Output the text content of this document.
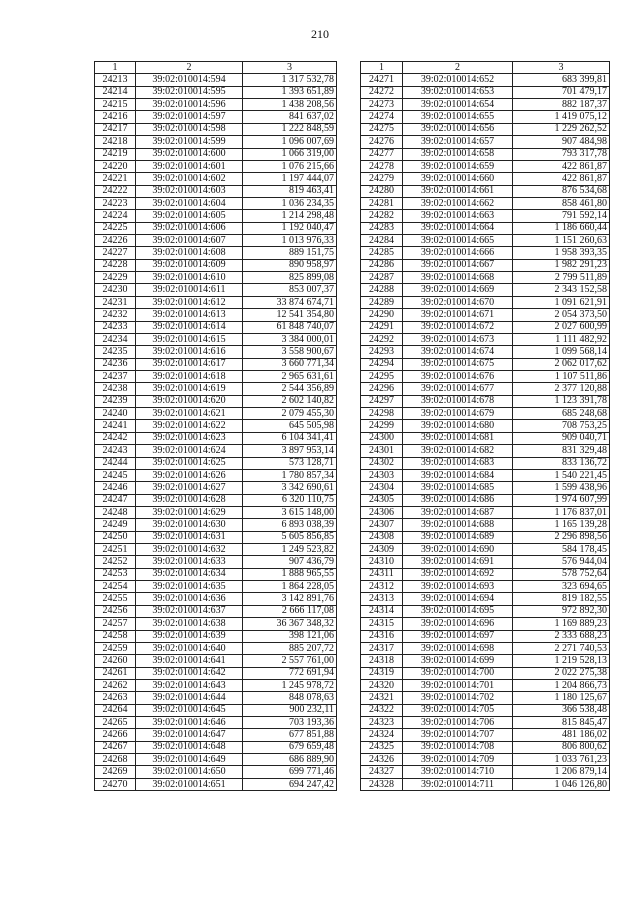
210
1	2	3
24213	39:02:010014:594	1 317 532,78
24214	39:02:010014:595	1 393 651,89
24215	39:02:010014:596	1 438 208,56
24216	39:02:010014:597	841 637,02
24217	39:02:010014:598	1 222 848,59
24218	39:02:010014:599	1 096 007,69
24219	39:02:010014:600	1 066 319,00
24220	39:02:010014:601	1 076 215,66
24221	39:02:010014:602	1 197 444,07
24222	39:02:010014:603	819 463,41
24223	39:02:010014:604	1 036 234,35
24224	39:02:010014:605	1 214 298,48
24225	39:02:010014:606	1 192 040,47
24226	39:02:010014:607	1 013 976,33
24227	39:02:010014:608	889 151,75
24228	39:02:010014:609	890 958,97
24229	39:02:010014:610	825 899,08
24230	39:02:010014:611	853 007,37
24231	39:02:010014:612	33 874 674,71
24232	39:02:010014:613	12 541 354,80
24233	39:02:010014:614	61 848 740,07
24234	39:02:010014:615	3 384 000,01
24235	39:02:010014:616	3 558 900,67
24236	39:02:010014:617	3 660 771,34
24237	39:02:010014:618	2 965 631,61
24238	39:02:010014:619	2 544 356,89
24239	39:02:010014:620	2 602 140,82
24240	39:02:010014:621	2 079 455,30
24241	39:02:010014:622	645 505,98
24242	39:02:010014:623	6 104 341,41
24243	39:02:010014:624	3 897 953,14
24244	39:02:010014:625	573 128,71
24245	39:02:010014:626	1 780 857,34
24246	39:02:010014:627	3 342 690,61
24247	39:02:010014:628	6 320 110,75
24248	39:02:010014:629	3 615 148,00
24249	39:02:010014:630	6 893 038,39
24250	39:02:010014:631	5 605 856,85
24251	39:02:010014:632	1 249 523,82
24252	39:02:010014:633	907 436,79
24253	39:02:010014:634	1 888 965,55
24254	39:02:010014:635	1 864 228,05
24255	39:02:010014:636	3 142 891,76
24256	39:02:010014:637	2 666 117,08
24257	39:02:010014:638	36 367 348,32
24258	39:02:010014:639	398 121,06
24259	39:02:010014:640	885 207,72
24260	39:02:010014:641	2 557 761,00
24261	39:02:010014:642	772 691,94
24262	39:02:010014:643	1 245 978,72
24263	39:02:010014:644	848 078,63
24264	39:02:010014:645	900 232,11
24265	39:02:010014:646	703 193,36
24266	39:02:010014:647	677 851,88
24267	39:02:010014:648	679 659,48
24268	39:02:010014:649	686 889,90
24269	39:02:010014:650	699 771,46
24270	39:02:010014:651	694 247,42
1	2	3
24271	39:02:010014:652	683 399,81
24272	39:02:010014:653	701 479,17
24273	39:02:010014:654	882 187,37
24274	39:02:010014:655	1 419 075,12
24275	39:02:010014:656	1 229 262,52
24276	39:02:010014:657	907 484,98
24277	39:02:010014:658	793 317,78
24278	39:02:010014:659	422 861,87
24279	39:02:010014:660	422 861,87
24280	39:02:010014:661	876 534,68
24281	39:02:010014:662	858 461,80
24282	39:02:010014:663	791 592,14
24283	39:02:010014:664	1 186 660,44
24284	39:02:010014:665	1 151 260,63
24285	39:02:010014:666	1 958 393,35
24286	39:02:010014:667	1 982 291,23
24287	39:02:010014:668	2 799 511,89
24288	39:02:010014:669	2 343 152,58
24289	39:02:010014:670	1 091 621,91
24290	39:02:010014:671	2 054 373,50
24291	39:02:010014:672	2 027 600,99
24292	39:02:010014:673	1 111 482,92
24293	39:02:010014:674	1 099 568,14
24294	39:02:010014:675	2 062 017,62
24295	39:02:010014:676	1 107 511,86
24296	39:02:010014:677	2 377 120,88
24297	39:02:010014:678	1 123 391,78
24298	39:02:010014:679	685 248,68
24299	39:02:010014:680	708 753,25
24300	39:02:010014:681	909 040,71
24301	39:02:010014:682	831 329,48
24302	39:02:010014:683	833 136,72
24303	39:02:010014:684	1 540 221,45
24304	39:02:010014:685	1 599 438,96
24305	39:02:010014:686	1 974 607,99
24306	39:02:010014:687	1 176 837,01
24307	39:02:010014:688	1 165 139,28
24308	39:02:010014:689	2 296 898,56
24309	39:02:010014:690	584 178,45
24310	39:02:010014:691	576 944,04
24311	39:02:010014:692	578 752,64
24312	39:02:010014:693	323 694,65
24313	39:02:010014:694	819 182,55
24314	39:02:010014:695	972 892,30
24315	39:02:010014:696	1 169 889,23
24316	39:02:010014:697	2 333 688,23
24317	39:02:010014:698	2 271 740,53
24318	39:02:010014:699	1 219 528,13
24319	39:02:010014:700	2 022 275,38
24320	39:02:010014:701	1 204 866,73
24321	39:02:010014:702	1 180 125,67
24322	39:02:010014:705	366 538,48
24323	39:02:010014:706	815 845,47
24324	39:02:010014:707	481 186,02
24325	39:02:010014:708	806 800,62
24326	39:02:010014:709	1 033 761,23
24327	39:02:010014:710	1 206 879,14
24328	39:02:010014:711	1 046 126,80
